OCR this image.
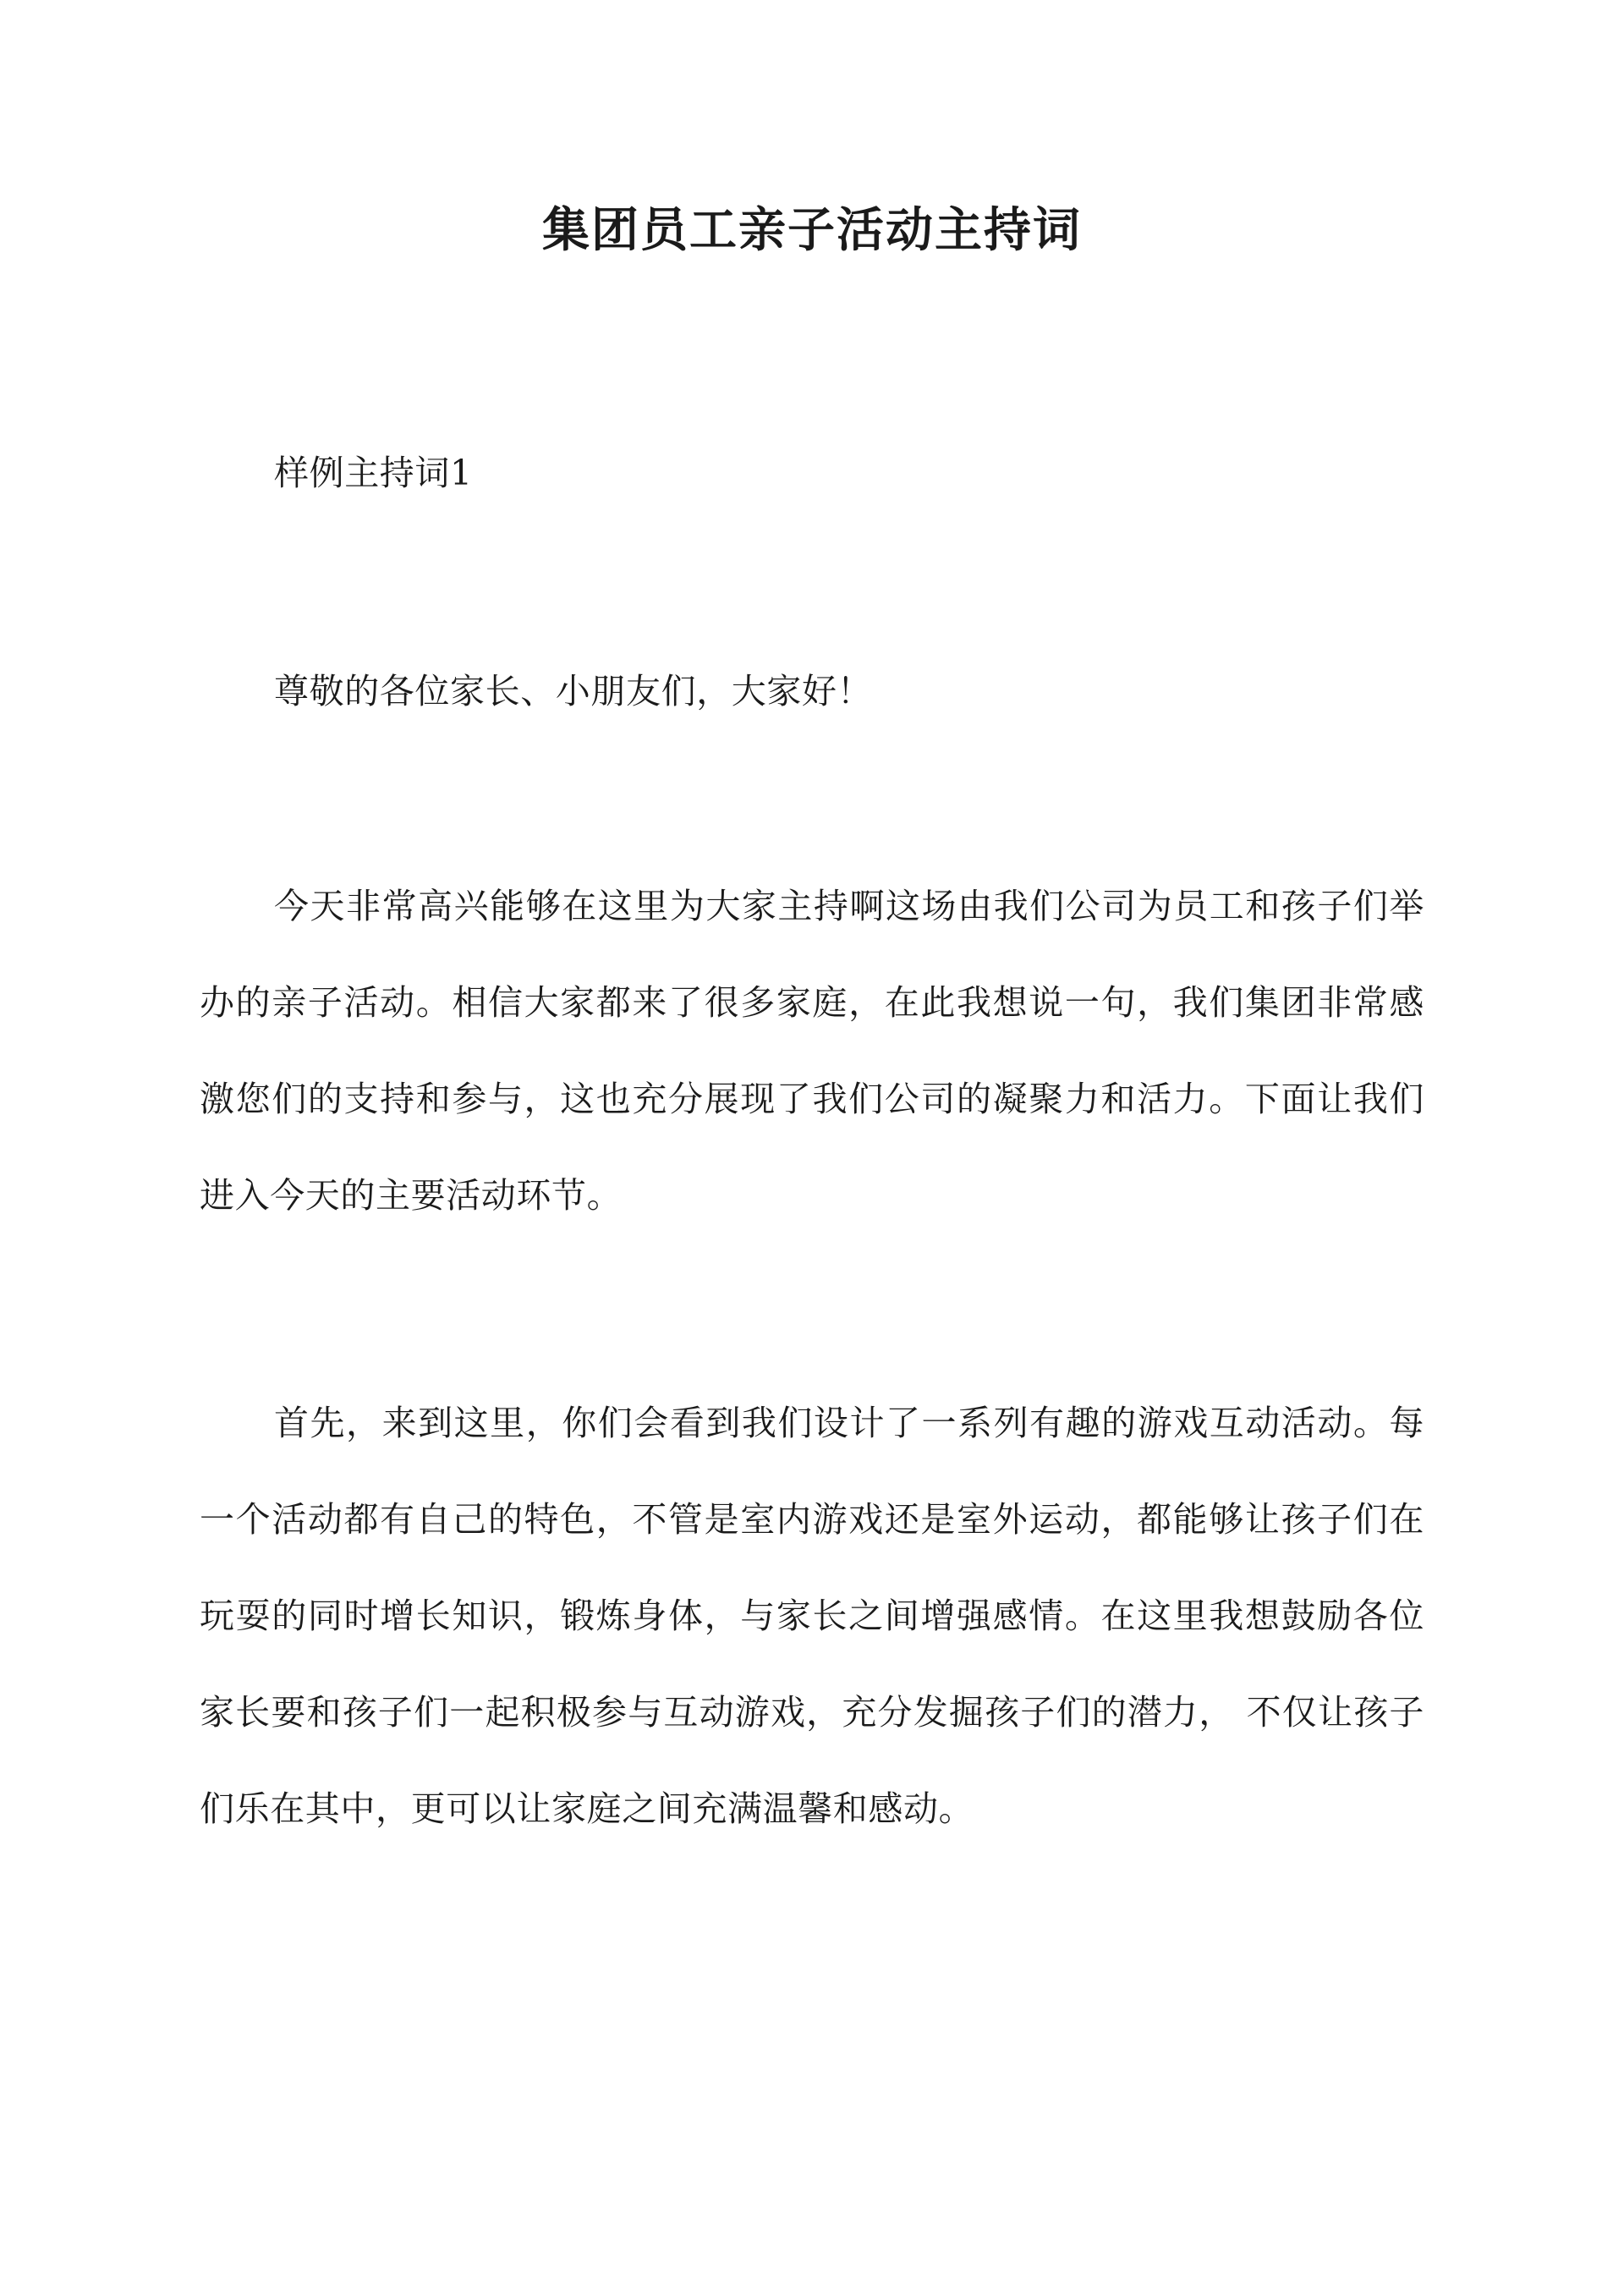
集团员工亲子活动主持词

样例主持词1

尊敬的各位家长、小朋友们，大家好！

今天非常高兴能够在这里为大家主持啊这场由我们公司为员工和孩子们举办的亲子活动。相信大家都来了很多家庭，在此我想说一句，我们集团非常感激您们的支持和参与，这也充分展现了我们公司的凝聚力和活力。下面让我们进入今天的主要活动环节。

首先，来到这里，你们会看到我们设计了一系列有趣的游戏互动活动。每一个活动都有自己的特色，不管是室内游戏还是室外运动，都能够让孩子们在玩耍的同时增长知识，锻炼身体，与家长之间增强感情。在这里我想鼓励各位家长要和孩子们一起积极参与互动游戏，充分发掘孩子们的潜力， 不仅让孩子们乐在其中，更可以让家庭之间充满温馨和感动。
